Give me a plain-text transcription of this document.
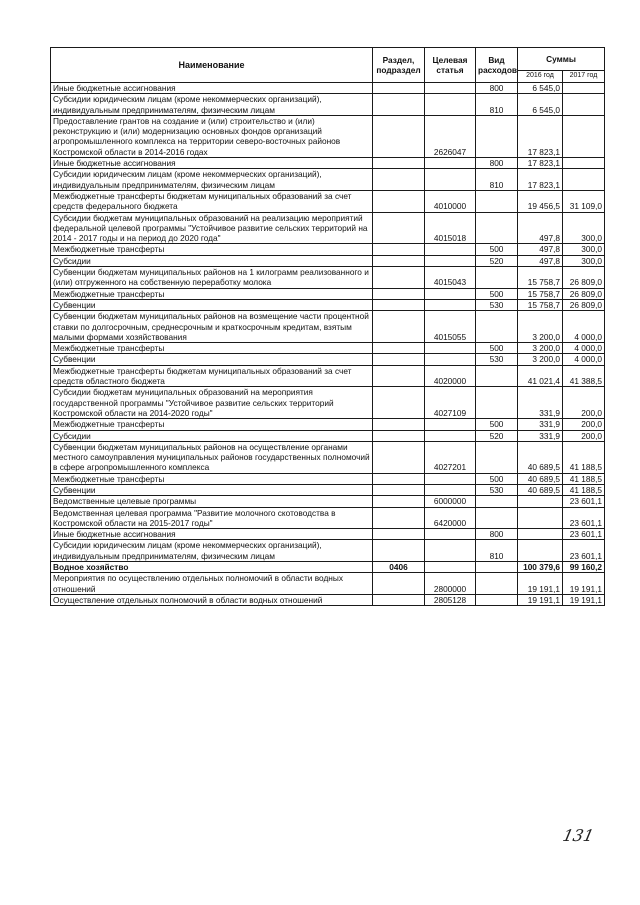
Наименование	Раздел, подраздел	Целевая статья	Вид расходов	Суммы	
				2016 год	2017 год
Иные бюджетные ассигнования			800	6 545,0	
Субсидии юридическим лицам (кроме некоммерческих организаций), индивидуальным предпринимателям, физическим лицам			810	6 545,0	
Предоставление грантов на создание и (или) строительство и (или) реконструкцию и (или) модернизацию основных фондов организаций агропромышленного комплекса на территории северо-восточных районов Костромской области в 2014-2016 годах		2626047		17 823,1	
Иные бюджетные ассигнования			800	17 823,1	
Субсидии юридическим лицам (кроме некоммерческих организаций), индивидуальным предпринимателям, физическим лицам			810	17 823,1	
Межбюджетные трансферты бюджетам муниципальных образований за счет средств федерального бюджета		4010000		19 456,5	31 109,0
Субсидии бюджетам муниципальных образований на реализацию мероприятий федеральной целевой программы "Устойчивое развитие сельских территорий на 2014 - 2017 годы и на период до 2020 года"		4015018		497,8	300,0
Межбюджетные трансферты			500	497,8	300,0
Субсидии			520	497,8	300,0
Субвенции бюджетам муниципальных районов на 1 килограмм реализованного и (или) отгруженного на собственную переработку молока		4015043		15 758,7	26 809,0
Межбюджетные трансферты			500	15 758,7	26 809,0
Субвенции			530	15 758,7	26 809,0
Субвенции бюджетам муниципальных районов на возмещение части процентной ставки по долгосрочным, среднесрочным и краткосрочным кредитам, взятым малыми формами хозяйствования		4015055		3 200,0	4 000,0
Межбюджетные трансферты			500	3 200,0	4 000,0
Субвенции			530	3 200,0	4 000,0
Межбюджетные трансферты бюджетам муниципальных образований за счет средств областного бюджета		4020000		41 021,4	41 388,5
Субсидии бюджетам муниципальных образований на мероприятия государственной программы "Устойчивое развитие сельских территорий Костромской области на 2014-2020 годы"		4027109		331,9	200,0
Межбюджетные трансферты			500	331,9	200,0
Субсидии			520	331,9	200,0
Субвенции бюджетам муниципальных районов на осуществление органами местного самоуправления муниципальных районов государственных полномочий в сфере агропромышленного комплекса		4027201		40 689,5	41 188,5
Межбюджетные трансферты			500	40 689,5	41 188,5
Субвенции			530	40 689,5	41 188,5
Ведомственные целевые программы		6000000			23 601,1
Ведомственная целевая программа "Развитие молочного скотоводства в Костромской области на 2015-2017 годы"		6420000			23 601,1
Иные бюджетные ассигнования			800		23 601,1
Субсидии юридическим лицам (кроме некоммерческих организаций), индивидуальным предпринимателям, физическим лицам			810		23 601,1
Водное хозяйство	0406			100 379,6	99 160,2
Мероприятия по осуществлению отдельных полномочий в области водных отношений		2800000		19 191,1	19 191,1
Осуществление отдельных полномочий в области водных отношений		2805128		19 191,1	19 191,1
131
